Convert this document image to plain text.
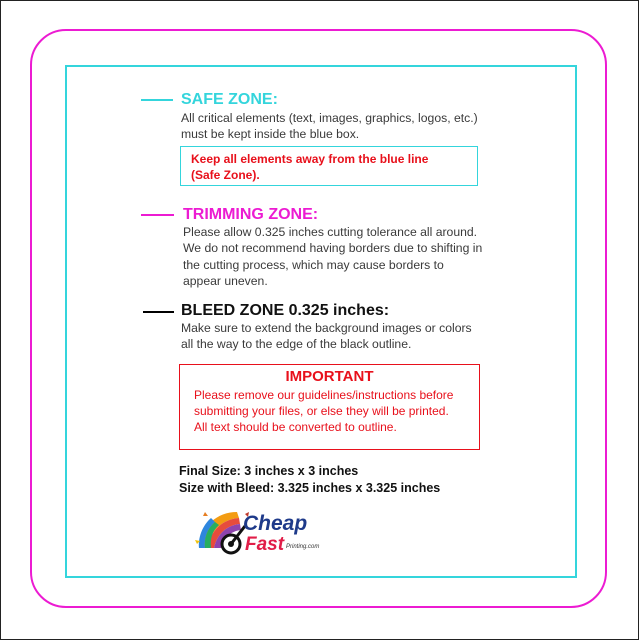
SAFE ZONE:
All critical elements (text, images, graphics, logos, etc.)
must be kept inside the blue box.
Keep all elements away from the blue line
(Safe Zone).
TRIMMING ZONE:
Please allow 0.325 inches cutting tolerance all around.
We do not recommend having borders due to shifting in
the cutting process, which may cause borders to
appear uneven.
BLEED ZONE 0.325 inches:
Make sure to extend the background images or colors
all the way to the edge of the black outline.
IMPORTANT
Please remove our guidelines/instructions before
submitting your files, or else they will be printed.
All text should be converted to outline.
Final Size: 3 inches x 3 inches
Size with Bleed: 3.325 inches x 3.325 inches
Cheap
Fast Printing.com
